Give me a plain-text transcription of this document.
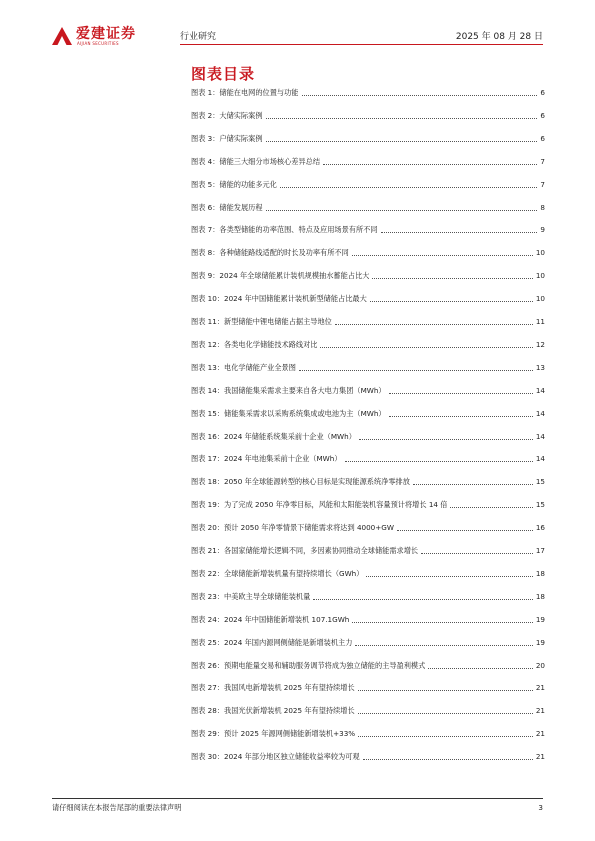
爱建证券
AIJIAN SECURITIES
行业研究	2025 年 08 月 28 日
图表目录
图表 1： 储能在电网的位置与功能	6
图表 2： 大储实际案例	6
图表 3： 户储实际案例	6
图表 4： 储能三大细分市场核心差异总结	7
图表 5： 储能的功能多元化	7
图表 6： 储能发展历程	8
图表 7： 各类型储能的功率范围、特点及应用场景有所不同	9
图表 8： 各种储能路线适配的时长及功率有所不同	10
图表 9： 2024 年全球储能累计装机规模抽水蓄能占比大	10
图表 10： 2024 年中国储能累计装机新型储能占比最大	10
图表 11： 新型储能中锂电储能占据主导地位	11
图表 12： 各类电化学储能技术路线对比	12
图表 13： 电化学储能产业全景图	13
图表 14： 我国储能集采需求主要来自各大电力集团（MWh）	14
图表 15： 储能集采需求以采购系统集成或电池为主（MWh）	14
图表 16： 2024 年储能系统集采前十企业（MWh）	14
图表 17： 2024 年电池集采前十企业（MWh）	14
图表 18： 2050 年全球能源转型的核心目标是实现能源系统净零排放	15
图表 19： 为了完成 2050 年净零目标，风能和太阳能装机容量预计将增长 14 倍	15
图表 20： 预计 2050 年净零情景下储能需求将达到 4000+GW	16
图表 21： 各国家储能增长逻辑不同，多因素协同推动全球储能需求增长	17
图表 22： 全球储能新增装机量有望持续增长（GWh）	18
图表 23： 中美欧主导全球储能装机量	18
图表 24： 2024 年中国储能新增装机 107.1GWh	19
图表 25： 2024 年国内源网侧储能是新增装机主力	19
图表 26： 预期电能量交易和辅助服务调节将成为独立储能的主导盈利模式	20
图表 27： 我国风电新增装机 2025 年有望持续增长	21
图表 28： 我国光伏新增装机 2025 年有望持续增长	21
图表 29： 预计 2025 年源网侧储能新增装机+33%	21
图表 30： 2024 年部分地区独立储能收益率较为可观	21
请仔细阅读在本报告尾部的重要法律声明	3
